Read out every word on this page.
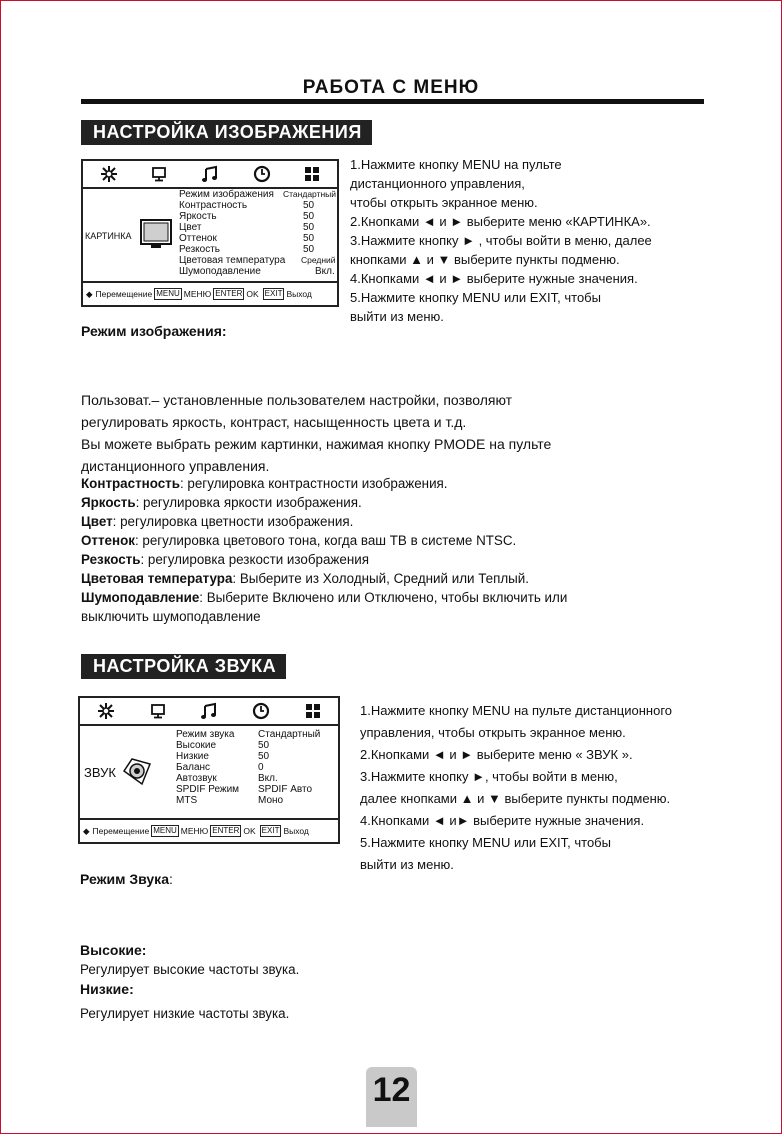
РАБОТА С МЕНЮ
НАСТРОЙКА ИЗОБРАЖЕНИЯ
КАРТИНКА
Режим изображения	Стандартный
Контрастность	50
Яркость	50
Цвет	50
Оттенок	50
Резкость	50
Цветовая температура	Средний
Шумоподавление	Вкл.
◆ Перемещение MENU МЕНЮ ENTER OK EXIT Выход
1.Нажмите кнопку MENU на пульте
дистанционного управления,
чтобы открыть экранное меню.
2.Кнопками ◄ и ► выберите меню «КАРТИНКА».
3.Нажмите кнопку ► , чтобы войти в меню, далее
кнопками ▲ и ▼ выберите пункты подменю.
4.Кнопками ◄ и ► выберите нужные значения.
5.Нажмите кнопку MENU или EXIT, чтобы
выйти из меню.
Режим изображения:
Пользоват.– установленные пользователем настройки, позволяют
регулировать яркость, контраст, насыщенность цвета и т.д.
Вы можете выбрать режим картинки, нажимая кнопку PMODE на пульте
дистанционного управления.
Контрастность: регулировка контрастности изображения.
Яркость: регулировка яркости изображения.
Цвет: регулировка цветности изображения.
Оттенок: регулировка цветового тона, когда ваш ТВ в системе NTSC.
Резкость: регулировка резкости изображения
Цветовая температура: Выберите из Холодный, Средний или Теплый.
Шумоподавление: Выберите Включено или Отключено, чтобы включить или
выключить шумоподавление
НАСТРОЙКА ЗВУКА
ЗВУК
Режим звука	Стандартный
Высокие	50
Низкие	50
Баланс	0
Автозвук	Вкл.
SPDIF Режим	SPDIF Авто
MTS	Моно
◆ Перемещение MENU МЕНЮ ENTER OK EXIT Выход
1.Нажмите кнопку MENU на пульте дистанционного
управления, чтобы открыть экранное меню.
2.Кнопками ◄ и ► выберите меню « ЗВУК ».
3.Нажмите кнопку ►, чтобы войти в меню,
далее кнопками ▲ и ▼ выберите пункты подменю.
4.Кнопками ◄ и► выберите нужные значения.
5.Нажмите кнопку MENU или EXIT, чтобы
выйти из меню.
Режим Звука:
Высокие:
Регулирует высокие частоты звука.
Низкие:
Регулирует низкие частоты звука.
12
